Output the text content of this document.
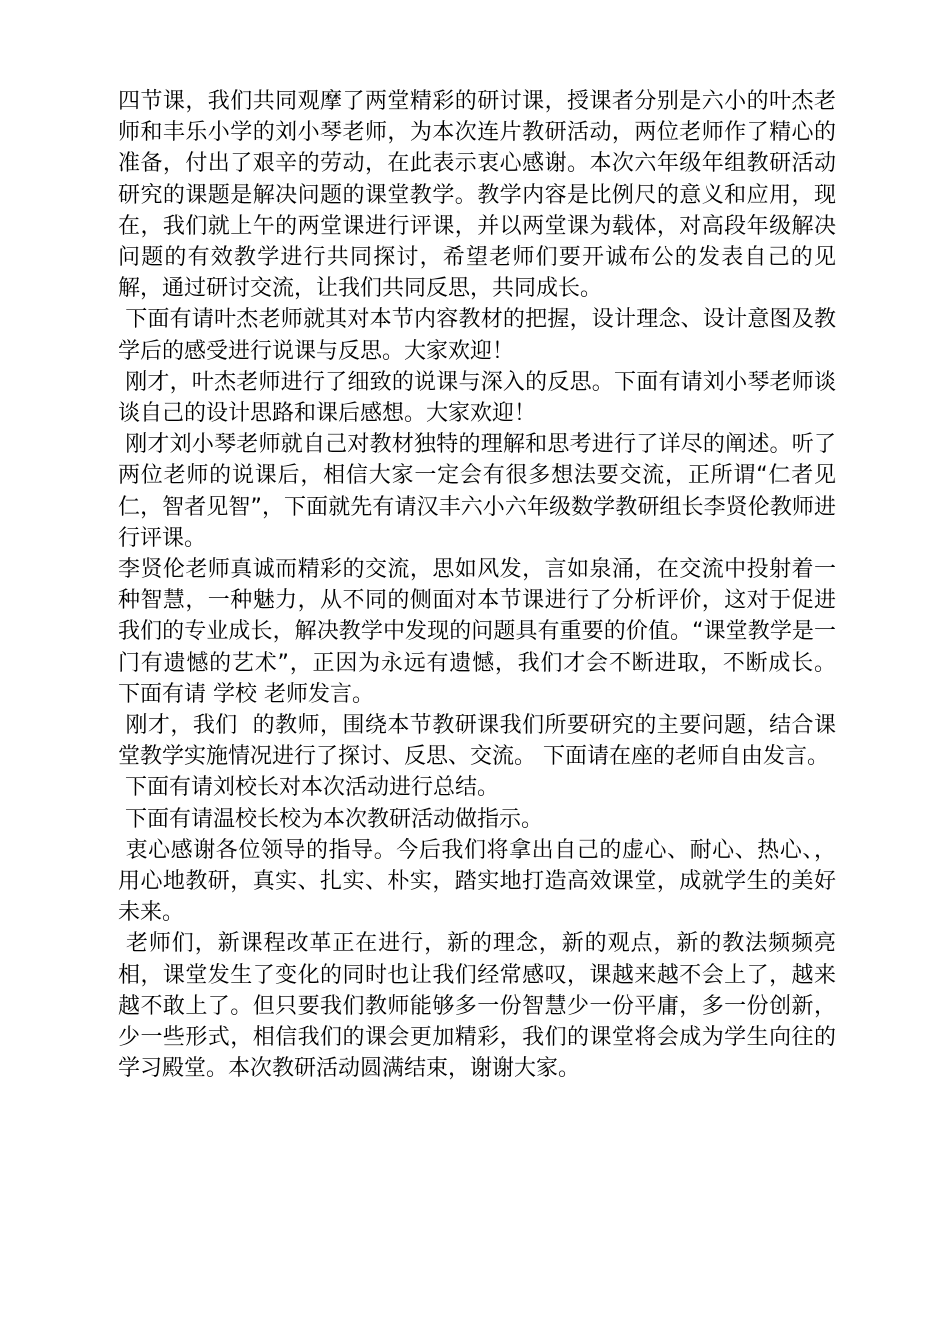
四节课，我们共同观摩了两堂精彩的研讨课，授课者分别是六小的叶杰老师和丰乐小学的刘小琴老师，为本次连片教研活动，两位老师作了精心的准备，付出了艰辛的劳动，在此表示衷心感谢。本次六年级年组教研活动研究的课题是解决问题的课堂教学。教学内容是比例尺的意义和应用，现在，我们就上午的两堂课进行评课，并以两堂课为载体，对高段年级解决问题的有效教学进行共同探讨，希望老师们要开诚布公的发表自己的见解，通过研讨交流，让我们共同反思，共同成长。

下面有请叶杰老师就其对本节内容教材的把握，设计理念、设计意图及教学后的感受进行说课与反思。大家欢迎！

刚才，叶杰老师进行了细致的说课与深入的反思。下面有请刘小琴老师谈谈自己的设计思路和课后感想。大家欢迎！

刚才刘小琴老师就自己对教材独特的理解和思考进行了详尽的阐述。听了两位老师的说课后，相信大家一定会有很多想法要交流，正所谓“仁者见仁，智者见智”，下面就先有请汉丰六小六年级数学教研组长李贤伦教师进行评课。

李贤伦老师真诚而精彩的交流，思如风发，言如泉涌，在交流中投射着一种智慧，一种魅力，从不同的侧面对本节课进行了分析评价，这对于促进我们的专业成长，解决教学中发现的问题具有重要的价值。“课堂教学是一门有遗憾的艺术”，正因为永远有遗憾，我们才会不断进取，不断成长。 下面有请 学校 老师发言。

刚才，我们  的教师，围绕本节教研课我们所要研究的主要问题，结合课堂教学实施情况进行了探讨、反思、交流。 下面请在座的老师自由发言。

下面有请刘校长对本次活动进行总结。

下面有请温校长校为本次教研活动做指示。

衷心感谢各位领导的指导。今后我们将拿出自己的虚心、耐心、热心、，用心地教研，真实、扎实、朴实，踏实地打造高效课堂，成就学生的美好未来。

老师们，新课程改革正在进行，新的理念，新的观点，新的教法频频亮相，课堂发生了变化的同时也让我们经常感叹，课越来越不会上了，越来越不敢上了。但只要我们教师能够多一份智慧少一份平庸，多一份创新，少一些形式，相信我们的课会更加精彩，我们的课堂将会成为学生向往的学习殿堂。本次教研活动圆满结束，谢谢大家。
